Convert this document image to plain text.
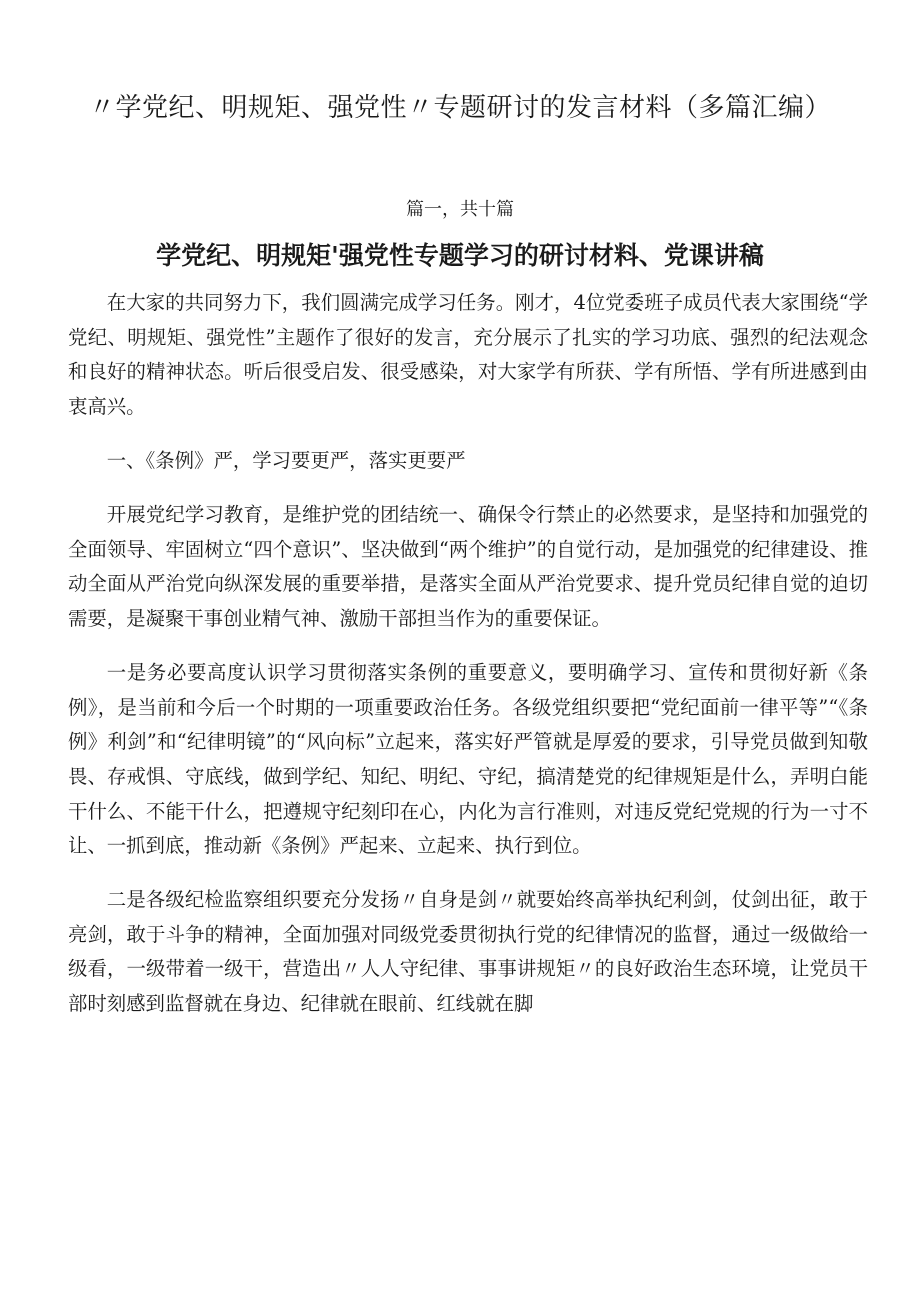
〃学党纪、明规矩、强党性〃专题研讨的发言材料（多篇汇编）

篇一，共十篇

学党纪、明规矩'强党性专题学习的研讨材料、党课讲稿

在大家的共同努力下，我们圆满完成学习任务。刚才，4位党委班子成员代表大家围绕“学党纪、明规矩、强党性”主题作了很好的发言，充分展示了扎实的学习功底、强烈的纪法观念和良好的精神状态。听后很受启发、很受感染，对大家学有所获、学有所悟、学有所进感到由衷高兴。

一、《条例》严，学习要更严，落实更要严

开展党纪学习教育，是维护党的团结统一、确保令行禁止的必然要求，是坚持和加强党的全面领导、牢固树立“四个意识”、坚决做到“两个维护”的自觉行动，是加强党的纪律建设、推动全面从严治党向纵深发展的重要举措，是落实全面从严治党要求、提升党员纪律自觉的迫切需要，是凝聚干事创业精气神、激励干部担当作为的重要保证。

一是务必要高度认识学习贯彻落实条例的重要意义，要明确学习、宣传和贯彻好新《条例》，是当前和今后一个时期的一项重要政治任务。各级党组织要把“党纪面前一律平等”“《条例》利剑”和“纪律明镜”的“风向标”立起来，落实好严管就是厚爱的要求，引导党员做到知敬畏、存戒惧、守底线，做到学纪、知纪、明纪、守纪，搞清楚党的纪律规矩是什么，弄明白能干什么、不能干什么，把遵规守纪刻印在心，内化为言行准则，对违反党纪党规的行为一寸不让、一抓到底，推动新《条例》严起来、立起来、执行到位。

二是各级纪检监察组织要充分发扬〃自身是剑〃就要始终高举执纪利剑，仗剑出征，敢于亮剑，敢于斗争的精神，全面加强对同级党委贯彻执行党的纪律情况的监督，通过一级做给一级看，一级带着一级干，营造出〃人人守纪律、事事讲规矩〃的良好政治生态环境，让党员干部时刻感到监督就在身边、纪律就在眼前、红线就在脚
